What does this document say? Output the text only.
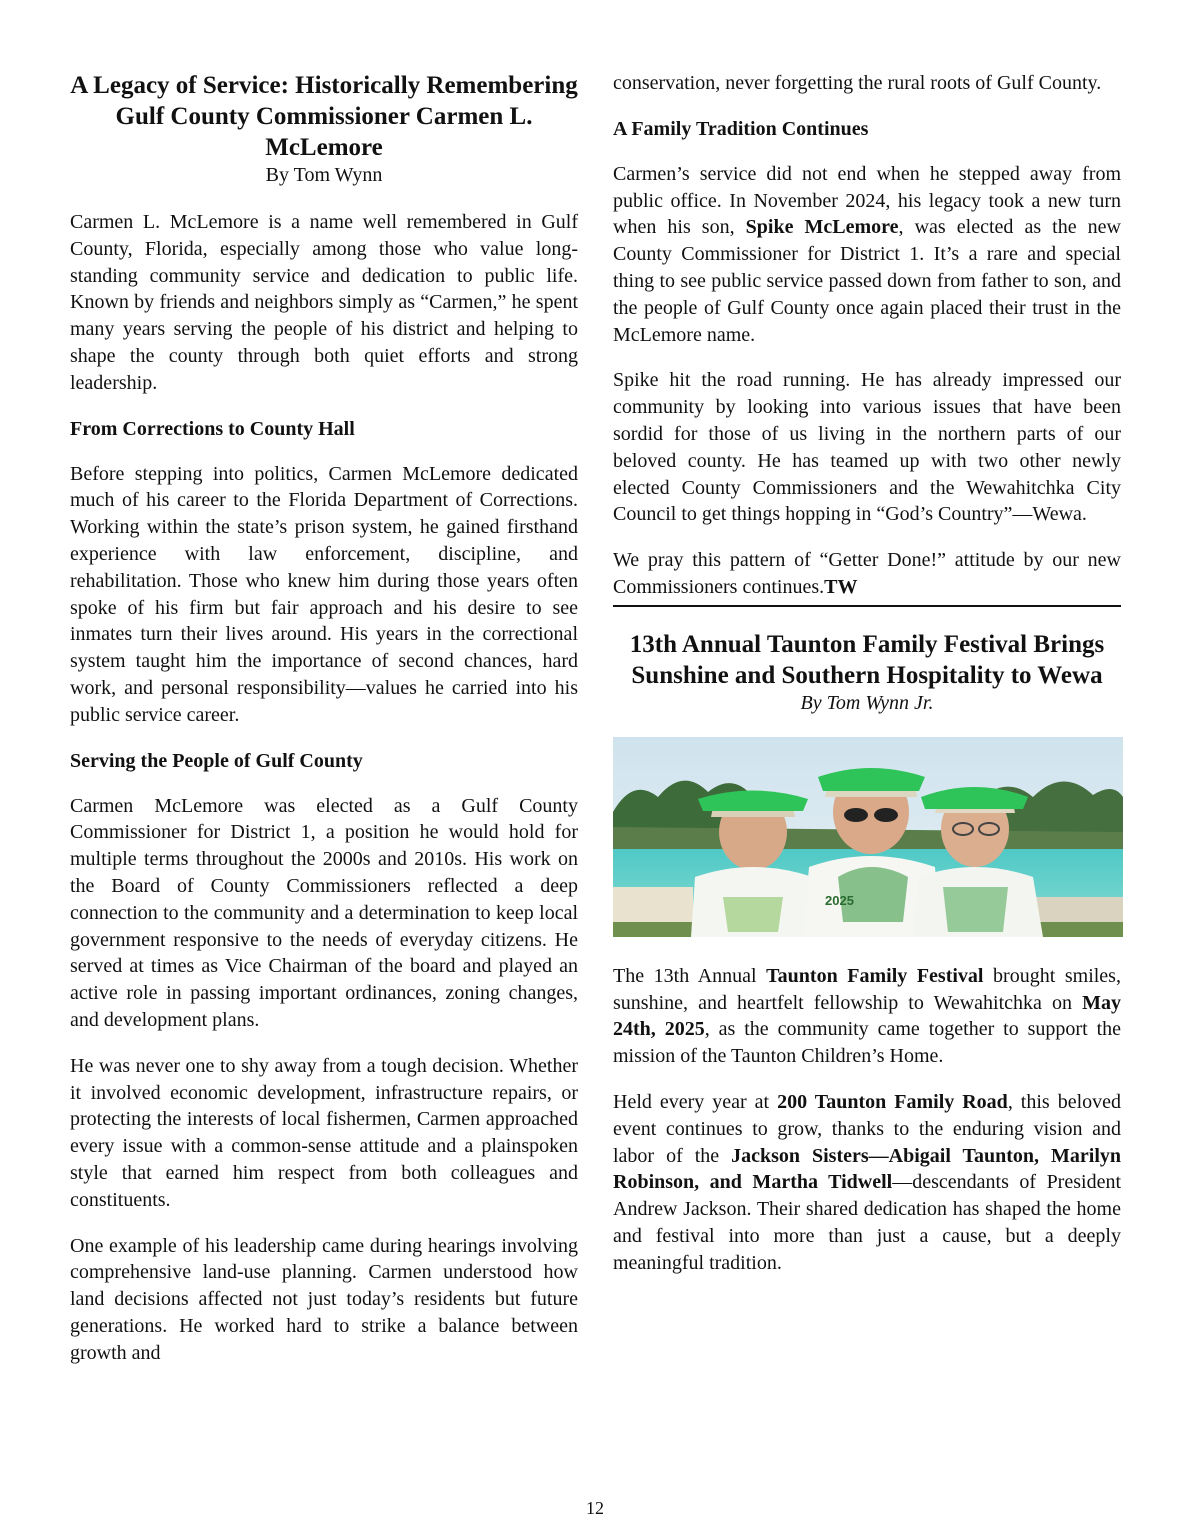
A Legacy of Service: Historically Remembering Gulf County Commissioner Carmen L. McLemore
By Tom Wynn

Carmen L. McLemore is a name well remembered in Gulf County, Florida, especially among those who value long-standing community service and dedication to public life. Known by friends and neighbors simply as “Carmen,” he spent many years serving the people of his district and helping to shape the county through both quiet efforts and strong leadership.

From Corrections to County Hall

Before stepping into politics, Carmen McLemore dedicated much of his career to the Florida Department of Corrections. Working within the state’s prison system, he gained firsthand experience with law enforcement, discipline, and rehabilitation. Those who knew him during those years often spoke of his firm but fair approach and his desire to see inmates turn their lives around. His years in the correctional system taught him the importance of second chances, hard work, and personal responsibility—values he carried into his public service career.

Serving the People of Gulf County

Carmen McLemore was elected as a Gulf County Commissioner for District 1, a position he would hold for multiple terms throughout the 2000s and 2010s. His work on the Board of County Commissioners reflected a deep connection to the community and a determination to keep local government responsive to the needs of everyday citizens. He served at times as Vice Chairman of the board and played an active role in passing important ordinances, zoning changes, and development plans.

He was never one to shy away from a tough decision. Whether it involved economic development, infrastructure repairs, or protecting the interests of local fishermen, Carmen approached every issue with a common-sense attitude and a plainspoken style that earned him respect from both colleagues and constituents.

One example of his leadership came during hearings involving comprehensive land-use planning. Carmen understood how land decisions affected not just today’s residents but future generations. He worked hard to strike a balance between growth and

conservation, never forgetting the rural roots of Gulf County.

A Family Tradition Continues

Carmen’s service did not end when he stepped away from public office. In November 2024, his legacy took a new turn when his son, Spike McLemore, was elected as the new County Commissioner for District 1. It’s a rare and special thing to see public service passed down from father to son, and the people of Gulf County once again placed their trust in the McLemore name.

Spike hit the road running. He has already impressed our community by looking into various issues that have been sordid for those of us living in the northern parts of our beloved county. He has teamed up with two other newly elected County Commissioners and the Wewahitchka City Council to get things hopping in “God’s Country”—Wewa.

We pray this pattern of “Getter Done!” attitude by our new Commissioners continues.TW

13th Annual Taunton Family Festival Brings Sunshine and Southern Hospitality to Wewa
By Tom Wynn Jr.
2025

The 13th Annual Taunton Family Festival brought smiles, sunshine, and heartfelt fellowship to Wewahitchka on May 24th, 2025, as the community came together to support the mission of the Taunton Children’s Home.

Held every year at 200 Taunton Family Road, this beloved event continues to grow, thanks to the enduring vision and labor of the Jackson Sisters—Abigail Taunton, Marilyn Robinson, and Martha Tidwell—descendants of President Andrew Jackson. Their shared dedication has shaped the home and festival into more than just a cause, but a deeply meaningful tradition.

12
